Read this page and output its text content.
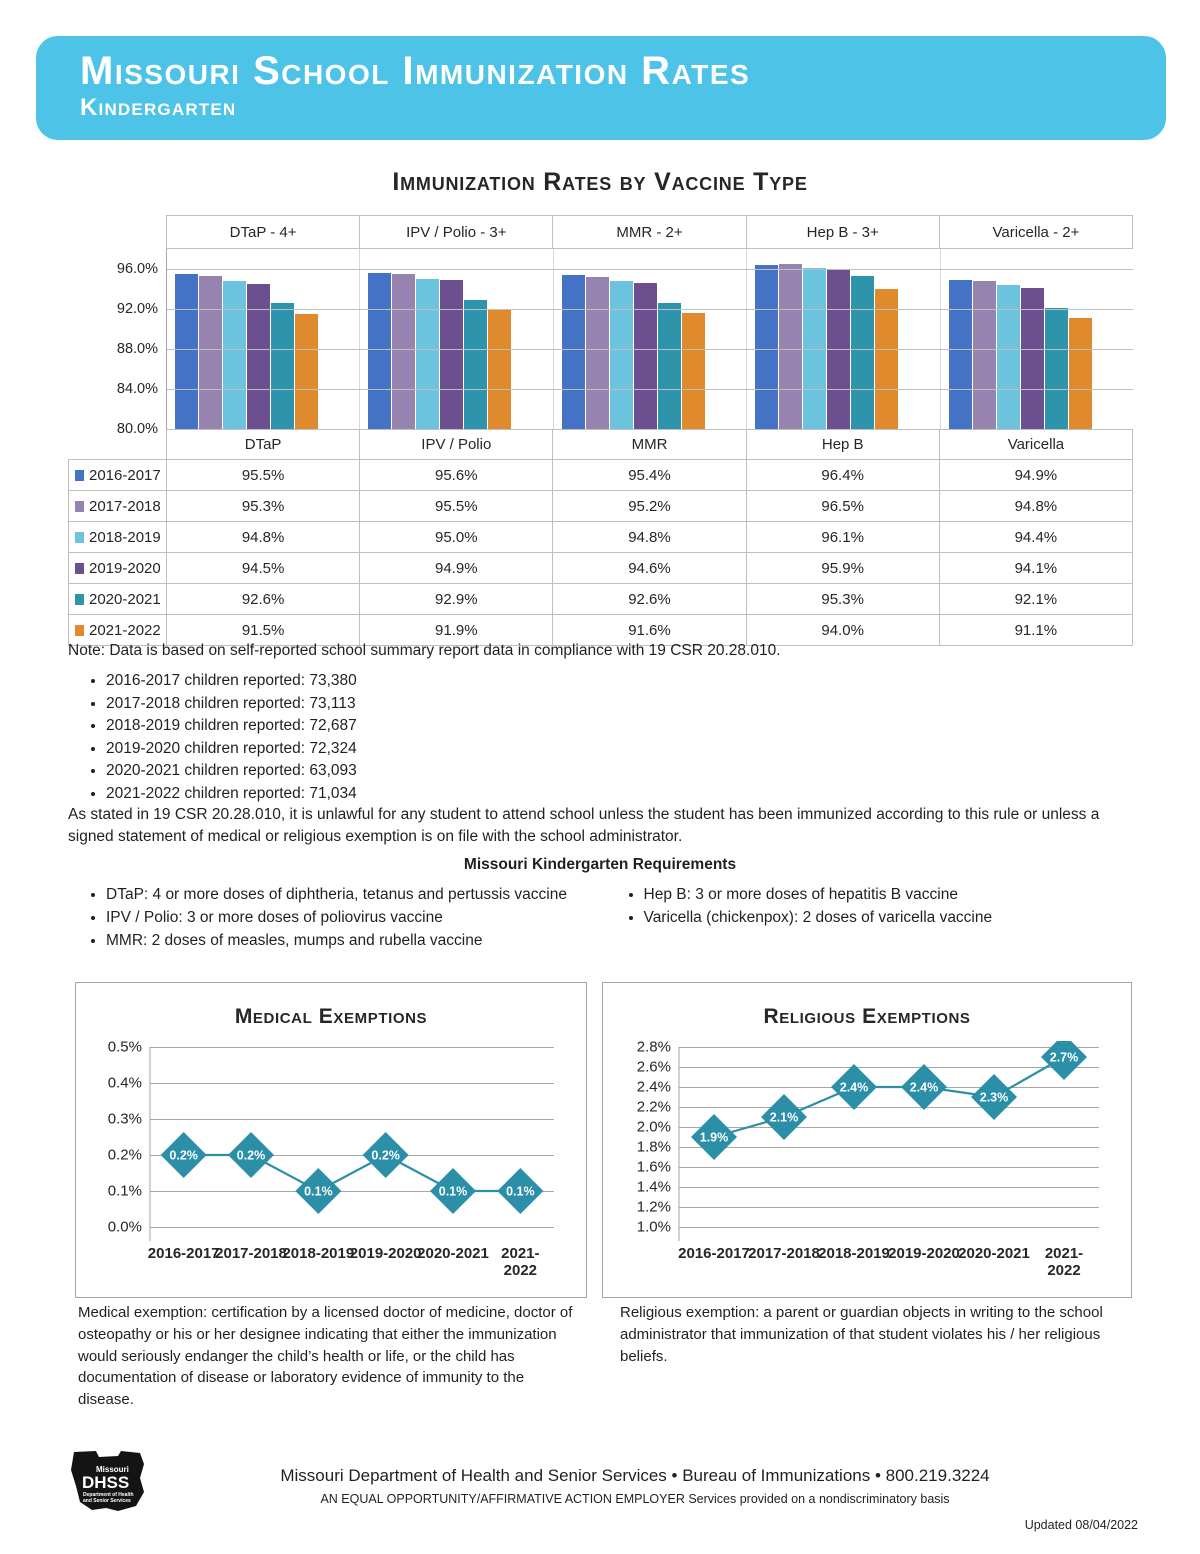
Missouri School Immunization Rates
Kindergarten
Immunization Rates by Vaccine Type
DTaP - 4+	IPV / Polio - 3+	MMR - 2+	Hep B - 3+	Varicella - 2+
96.0%
92.0%
88.0%
84.0%
80.0%
DTaP	IPV / Polio	MMR	Hep B	Varicella
2016-2017	95.5%	95.6%	95.4%	96.4%	94.9%
2017-2018	95.3%	95.5%	95.2%	96.5%	94.8%
2018-2019	94.8%	95.0%	94.8%	96.1%	94.4%
2019-2020	94.5%	94.9%	94.6%	95.9%	94.1%
2020-2021	92.6%	92.9%	92.6%	95.3%	92.1%
2021-2022	91.5%	91.9%	91.6%	94.0%	91.1%
Note: Data is based on self-reported school summary report data in compliance with 19 CSR 20.28.010.
• 2016-2017 children reported: 73,380
• 2017-2018 children reported: 73,113
• 2018-2019 children reported: 72,687
• 2019-2020 children reported: 72,324
• 2020-2021 children reported: 63,093
• 2021-2022 children reported: 71,034
As stated in 19 CSR 20.28.010, it is unlawful for any student to attend school unless the student has been immunized according to this rule or unless a signed statement of medical or religious exemption is on file with the school administrator.
Missouri Kindergarten Requirements
• DTaP: 4 or more doses of diphtheria, tetanus and pertussis vaccine
• IPV / Polio: 3 or more doses of poliovirus vaccine
• MMR: 2 doses of measles, mumps and rubella vaccine
• Hep B: 3 or more doses of hepatitis B vaccine
• Varicella (chickenpox): 2 doses of varicella vaccine
Medical Exemptions
0.5%
0.4%
0.3%
0.2%
0.1%
0.0%
0.2%	0.2%
0.1%
0.2%
0.1%	0.1%
2016-2017
2017-2018
2018-2019
2019-2020
2020-2021 2021-2022
Religious Exemptions
2.8%
2.6%
2.4%
2.2%
2.0%
1.8%
1.6%
1.4%
1.2%
1.0%
1.9%
2.1%
2.4%	2.4%
2.3%
2.7%
2016-2017
2017-2018
2018-2019
2019-2020
2020-2021 2021-2022
Medical exemption: certification by a licensed doctor of medicine, doctor of osteopathy or his or her designee indicating that either the immunization would seriously endanger the child’s health or life, or the child has documentation of disease or laboratory evidence of immunity to the disease.
Religious exemption: a parent or guardian objects in writing to the school administrator that immunization of that student violates his / her religious beliefs.
Missouri
DHSS
Department of Health
and Senior Services
Missouri Department of Health and Senior Services • Bureau of Immunizations • 800.219.3224
AN EQUAL OPPORTUNITY/AFFIRMATIVE ACTION EMPLOYER Services provided on a nondiscriminatory basis
Updated 08/04/2022
